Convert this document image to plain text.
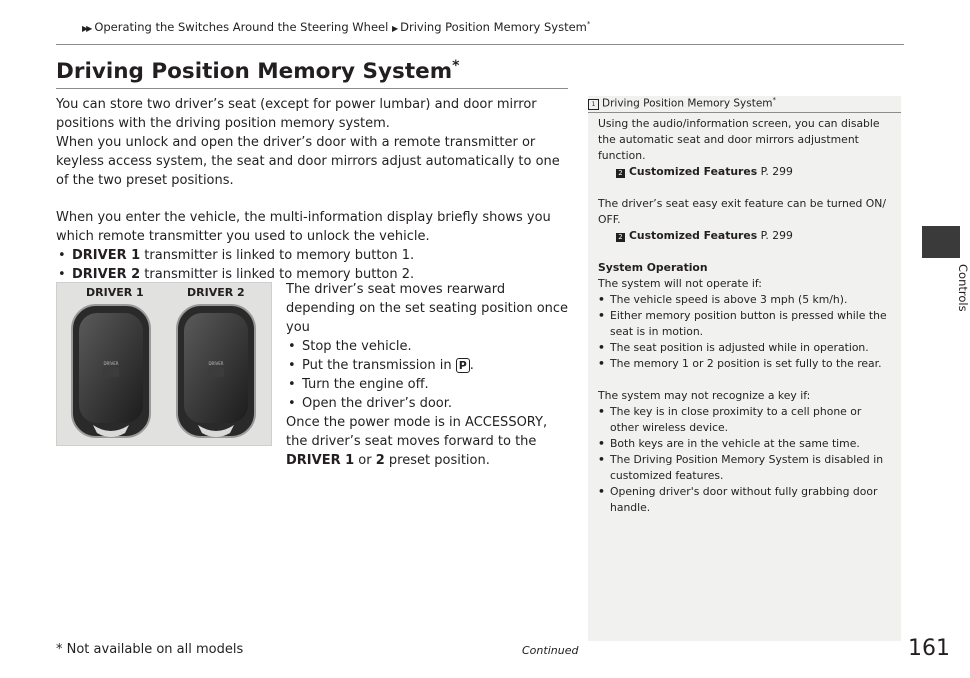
▶▶ Operating the Switches Around the Steering Wheel ▶ Driving Position Memory System*
Controls
Driving Position Memory System*

You can store two driver’s seat (except for power lumbar) and door mirror positions with the driving position memory system.

When you unlock and open the driver’s door with a remote transmitter or keyless access system, the seat and door mirrors adjust automatically to one of the two preset positions.

When you enter the vehicle, the multi-information display briefly shows you which remote transmitter you used to unlock the vehicle.

• DRIVER 1 transmitter is linked to memory button 1.

• DRIVER 2 transmitter is linked to memory button 2.

DRIVER	DRIVER
DRIVER 1	DRIVER 2	The driver’s seat moves rearward depending on the set seating position once you

• Stop the vehicle.

• Put the transmission in P .

• Turn the engine off.

• Open the driver’s door.

Once the power mode is in ACCESSORY, the driver’s seat moves forward to the DRIVER 1 or 2 preset position.

1 Driving Position Memory System*

Using the audio/information screen, you can disable the automatic seat and door mirrors adjustment function.

2 Customized Features P. 299

The driver’s seat easy exit feature can be turned ON/ OFF.

2 Customized Features P. 299

System Operation

The system will not operate if:

• The vehicle speed is above 3 mph (5 km/h).

• Either memory position button is pressed while the seat is in motion.

• The seat position is adjusted while in operation.

• The memory 1 or 2 position is set fully to the rear.

The system may not recognize a key if:

• The key is in close proximity to a cell phone or other wireless device.

• Both keys are in the vehicle at the same time.

• The Driving Position Memory System is disabled in customized features.

• Opening driver's door without fully grabbing door handle.

* Not available on all models	Continued	161
